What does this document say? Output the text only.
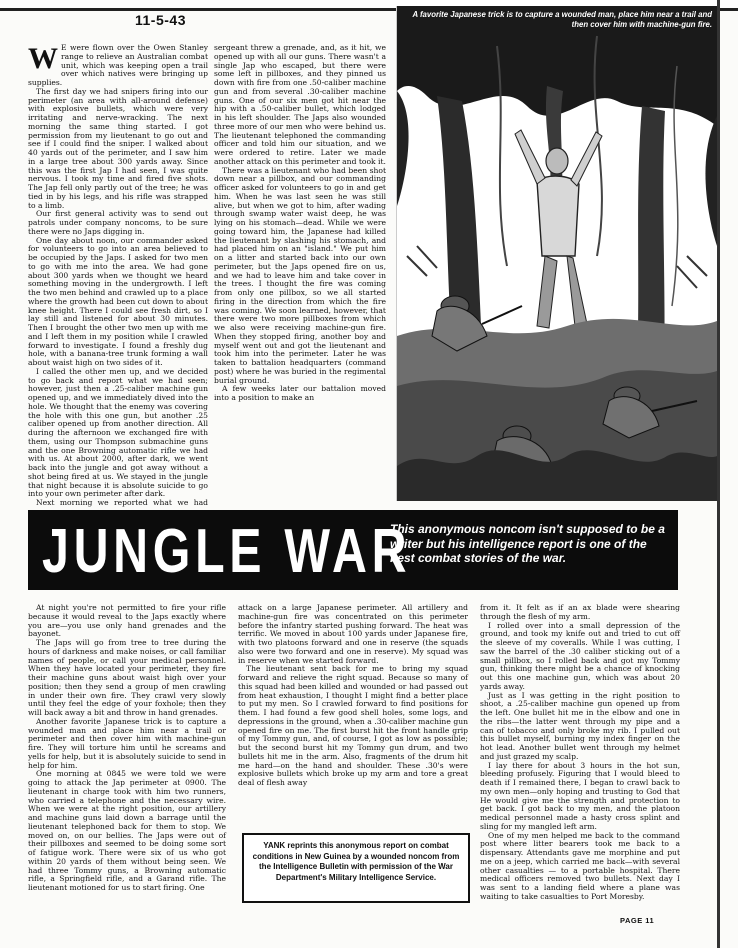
11-5-43

W E were flown over the Owen Stanley range to relieve an Australian combat unit, which was keeping open a trail over which natives were bringing up supplies.

The first day we had snipers firing into our perimeter (an area with all-around defense) with explosive bullets, which were very irritating and nerve-wracking. The next morning the same thing started. I got permission from my lieutenant to go out and see if I could find the sniper. I walked about 40 yards out of the perimeter, and I saw him in a large tree about 300 yards away. Since this was the first Jap I had seen, I was quite nervous. I took my time and fired five shots. The Jap fell only partly out of the tree; he was tied in by his legs, and his rifle was strapped to a limb.

Our first general activity was to send out patrols under company noncoms, to be sure there were no Japs digging in.

One day about noon, our commander asked for volunteers to go into an area believed to be occupied by the Japs. I asked for two men to go with me into the area. We had gone about 300 yards when we thought we heard something moving in the undergrowth. I left the two men behind and crawled up to a place where the growth had been cut down to about knee height. There I could see fresh dirt, so I lay still and listened for about 30 minutes. Then I brought the other two men up with me and I left them in my position while I crawled forward to investigate. I found a freshly dug hole, with a banana-tree trunk forming a wall about waist high on two sides of it.

I called the other men up, and we decided to go back and report what we had seen; however, just then a .25-caliber machine gun opened up, and we immediately dived into the hole. We thought that the enemy was covering the hole with this one gun, but another .25 caliber opened up from another direction. All during the afternoon we exchanged fire with them, using our Thompson submachine guns and the one Browning automatic rifle we had with us. At about 2000, after dark, we went back into the jungle and got away without a shot being fired at us. We stayed in the jungle that night because it is absolute suicide to go into your own perimeter after dark.

Next morning we reported what we had

sergeant threw a grenade, and, as it hit, we opened up with all our guns. There wasn't a single Jap who escaped, but there were some left in pillboxes, and they pinned us down with fire from one .50-caliber machine gun and from several .30-caliber machine guns. One of our six men got hit near the hip with a .50-caliber bullet, which lodged in his left shoulder. The Japs also wounded three more of our men who were behind us. The lieutenant telephoned the commanding officer and told him our situation, and we were ordered to retire. Later we made another attack on this perimeter and took it.

There was a lieutenant who had been shot down near a pillbox, and our commanding officer asked for volunteers to go in and get him. When he was last seen he was still alive, but when we got to him, after wading through swamp water waist deep, he was lying on his stomach—dead. While we were going toward him, the Japanese had killed the lieutenant by slashing his stomach, and had placed him on an "island." We put him on a litter and started back into our own perimeter, but the Japs opened fire on us, and we had to leave him and take cover in the trees. I thought the fire was coming from only one pillbox, so we all started firing in the direction from which the fire was coming. We soon learned, however, that there were two more pillboxes from which we also were receiving machine-gun fire. When they stopped firing, another boy and myself went out and got the lieutenant and took him into the perimeter. Later he was taken to battalion headquarters (command post) where he was buried in the regimental burial ground.

A few weeks later our battalion moved into a position to make an

A favorite Japanese trick is to capture a wounded man, place him near a trail and then cover him with machine-gun fire.
JUNGLE WAR
This anonymous noncom isn't supposed to be a writer but his intelligence report is one of the best combat stories of the war.

At night you're not permitted to fire your rifle because it would reveal to the Japs exactly where you are—you use only hand grenades and the bayonet.

The Japs will go from tree to tree during the hours of darkness and make noises, or call familiar names of people, or call your medical personnel. When they have located your perimeter, they fire their machine guns about waist high over your position; then they send a group of men crawling in under their own fire. They crawl very slowly until they feel the edge of your foxhole; then they will back away a bit and throw in hand grenades.

Another favorite Japanese trick is to capture a wounded man and place him near a trail or perimeter and then cover him with machine-gun fire. They will torture him until he screams and yells for help, but it is absolutely suicide to send in help for him.

One morning at 0845 we were told we were going to attack the Jap perimeter at 0900. The lieutenant in charge took with him two runners, who carried a telephone and the necessary wire. When we were at the right position, our artillery and machine guns laid down a barrage until the lieutenant telephoned back for them to stop. We moved on, on our bellies. The Japs were out of their pillboxes and seemed to be doing some sort of fatigue work. There were six of us who got within 20 yards of them without being seen. We had three Tommy guns, a Browning automatic rifle, a Springfield rifle, and a Garand rifle. The lieutenant motioned for us to start firing. One

attack on a large Japanese perimeter. All artillery and machine-gun fire was concentrated on this perimeter before the infantry started pushing forward. The heat was terrific. We moved in about 100 yards under Japanese fire, with two platoons forward and one in reserve (the squads also were two forward and one in reserve). My squad was in reserve when we started forward.

The lieutenant sent back for me to bring my squad forward and relieve the right squad. Because so many of this squad had been killed and wounded or had passed out from heat exhaustion, I thought I might find a better place to put my men. So I crawled forward to find positions for them. I had found a few good shell holes, some logs, and depressions in the ground, when a .30-caliber machine gun opened fire on me. The first burst hit the front handle grip of my Tommy gun, and, of course, I got as low as possible; but the second burst hit my Tommy gun drum, and two bullets hit me in the arm. Also, fragments of the drum hit me hard—on the hand and shoulder. These .30's were explosive bullets which broke up my arm and tore a great deal of flesh away

YANK reprints this anonymous report on combat conditions in New Guinea by a wounded noncom from the Intelligence Bulletin with permission of the War Department's Military Intelligence Service.

from it. It felt as if an ax blade were shearing through the flesh of my arm.

I rolled over into a small depression of the ground, and took my knife out and tried to cut off the sleeve of my coveralls. While I was cutting, I saw the barrel of the .30 caliber sticking out of a small pillbox, so I rolled back and got my Tommy gun, thinking there might be a chance of knocking out this one machine gun, which was about 20 yards away.

Just as I was getting in the right position to shoot, a .25-caliber machine gun opened up from the left. One bullet hit me in the elbow and one in the ribs—the latter went through my pipe and a can of tobacco and only broke my rib. I pulled out this bullet myself, burning my index finger on the hot lead. Another bullet went through my helmet and just grazed my scalp.

I lay there for about 3 hours in the hot sun, bleeding profusely. Figuring that I would bleed to death if I remained there, I began to crawl back to my own men—only hoping and trusting to God that He would give me the strength and protection to get back. I got back to my men, and the platoon medical personnel made a hasty cross splint and sling for my mangled left arm.

One of my men helped me back to the command post where litter bearers took me back to a dispensary. Attendants gave me morphine and put me on a jeep, which carried me back—with several other casualties — to a portable hospital. There medical officers removed two bullets. Next day I was sent to a landing field where a plane was waiting to take casualties to Port Moresby.

PAGE 11
